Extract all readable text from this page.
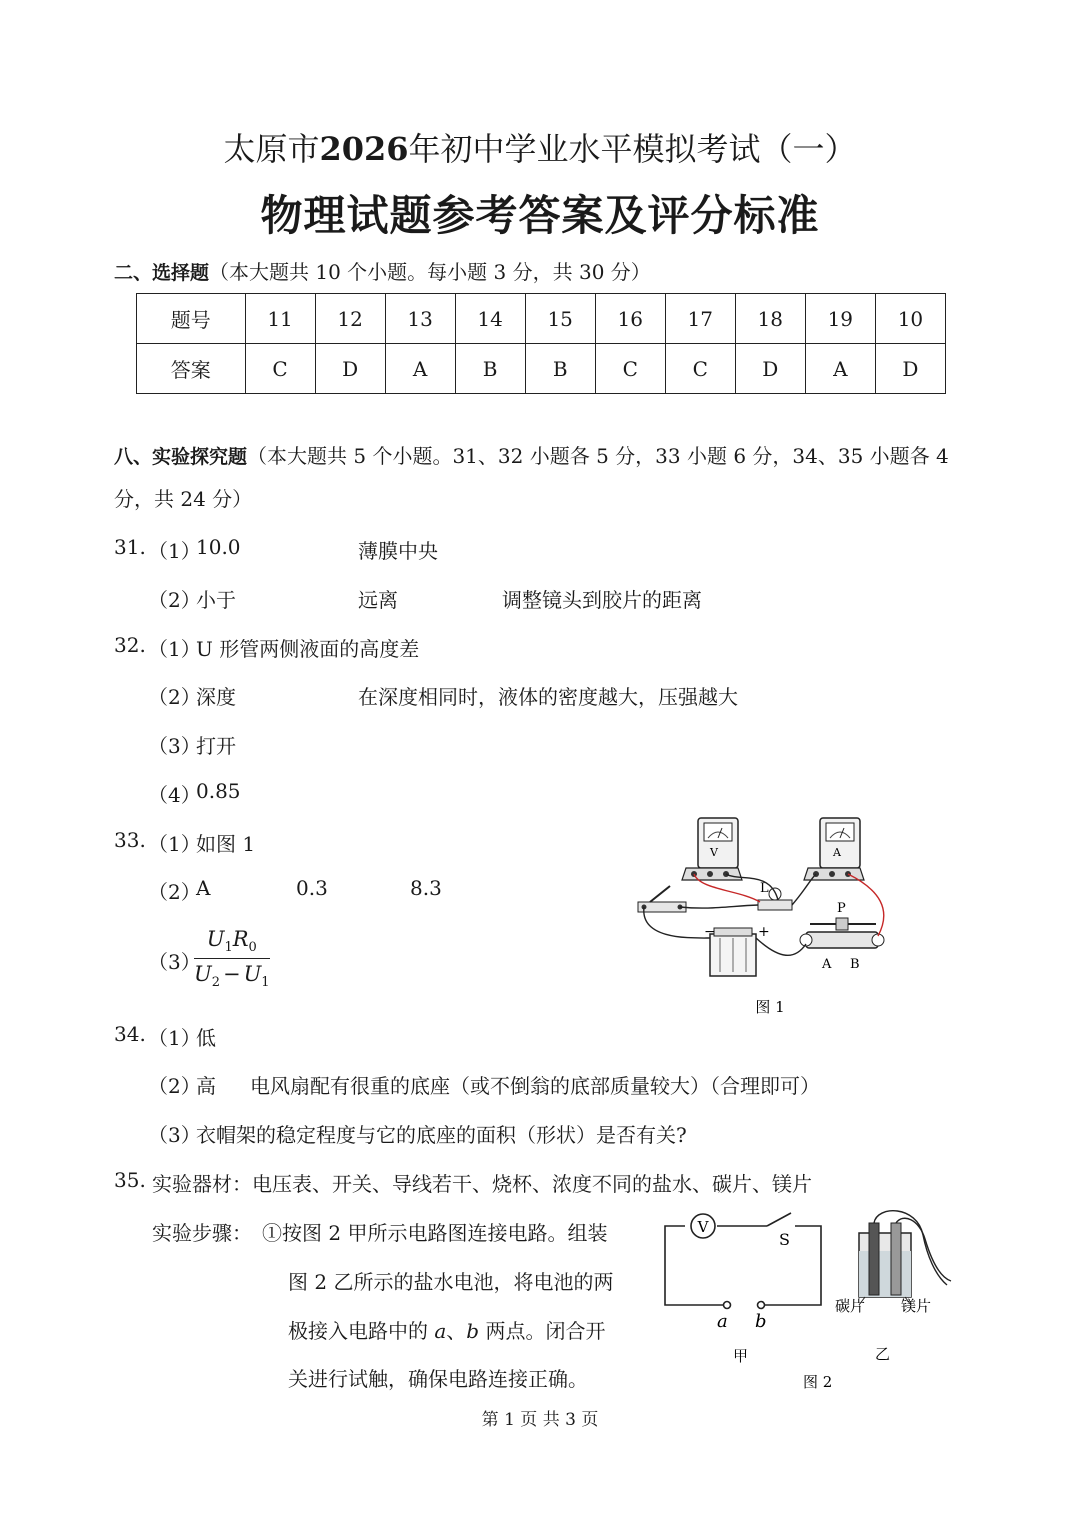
太原市2026年初中学业水平模拟考试（一）
物理试题参考答案及评分标准
二、选择题（本大题共 10 个小题。每小题 3 分，共 30 分）
题号	11	12	13	14	15	16	17	18	19	10
答案	C	D	A	B	B	C	C	D	A	D
八、实验探究题（本大题共 5 个小题。31、32 小题各 5 分，33 小题 6 分，34、35 小题各 4
分，共 24 分）
31. （1）
10.0	薄膜中央
（2）
小于	远离	调整镜头到胶片的距离
32. （1）
U 形管两侧液面的高度差
（2）
深度	在深度相同时，液体的密度越大，压强越大
（3）
打开
（4）
0.85
33. （1）
如图 1
（2）
A	0.3	8.3
（3）
$\frac{U_1R_0}{U_2 - U_1}$
V	A
L
−	+
P
A B
图 1
34. （1）
低
（2）
高 电风扇配有很重的底座（或不倒翁的底部质量较大）（合理即可）
（3）
衣帽架的稳定程度与它的底座的面积（形状）是否有关?
35. 实验器材：电压表、开关、导线若干、烧杯、浓度不同的盐水、碳片、镁片
实验步骤： ①按图 2 甲所示电路图连接电路。组装
图 2 乙所示的盐水电池，将电池的两
极接入电路中的 a、b 两点。闭合开
关进行试触，确保电路连接正确。
V
S
a b
甲
碳片 镁片
乙
图 2
第 1 页 共 3 页
